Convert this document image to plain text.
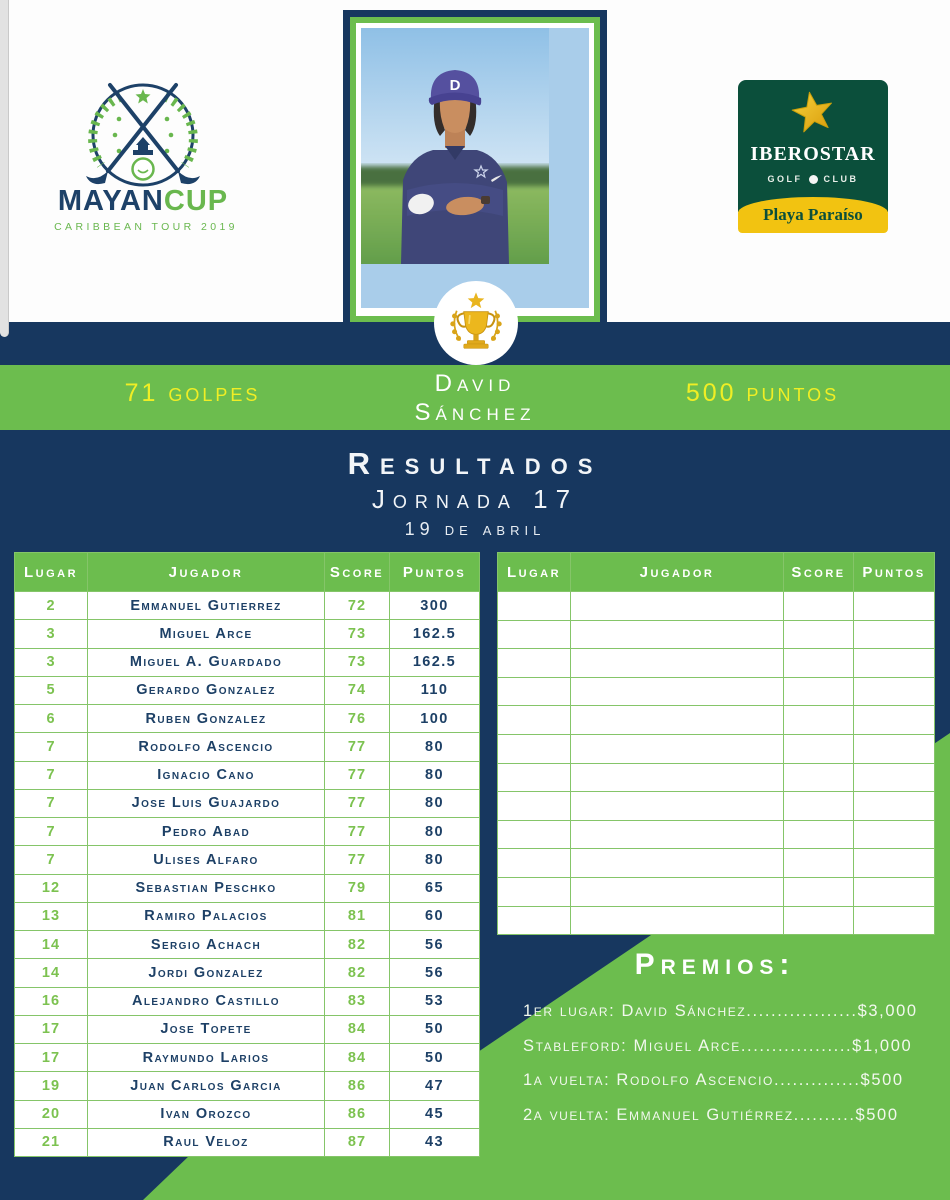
MAYANCUP
CARIBBEAN TOUR 2019
D
IBEROSTAR
GOLF CLUB
Playa Paraíso
71 golpes	David
Sánchez
500 puntos
Resultados
Jornada 17
19 de abril
Lugar	Jugador	Score	Puntos
2	Emmanuel Gutierrez	72	300
3	Miguel Arce	73	162.5
3	Miguel A. Guardado	73	162.5
5	Gerardo Gonzalez	74	110
6	Ruben Gonzalez	76	100
7	Rodolfo Ascencio	77	80
7	Ignacio Cano	77	80
7	Jose Luis Guajardo	77	80
7	Pedro Abad	77	80
7	Ulises Alfaro	77	80
12	Sebastian Peschko	79	65
13	Ramiro Palacios	81	60
14	Sergio Achach	82	56
14	Jordi Gonzalez	82	56
16	Alejandro Castillo	83	53
17	Jose Topete	84	50
17	Raymundo Larios	84	50
19	Juan Carlos Garcia	86	47
20	Ivan Orozco	86	45
21	Raul Veloz	87	43
Lugar	Jugador	Score	Puntos
Premios:
1er lugar: David Sánchez..................$3,000
Stableford: Miguel Arce..................$1,000
1a vuelta: Rodolfo Ascencio..............$500
2a vuelta: Emmanuel Gutiérrez..........$500
